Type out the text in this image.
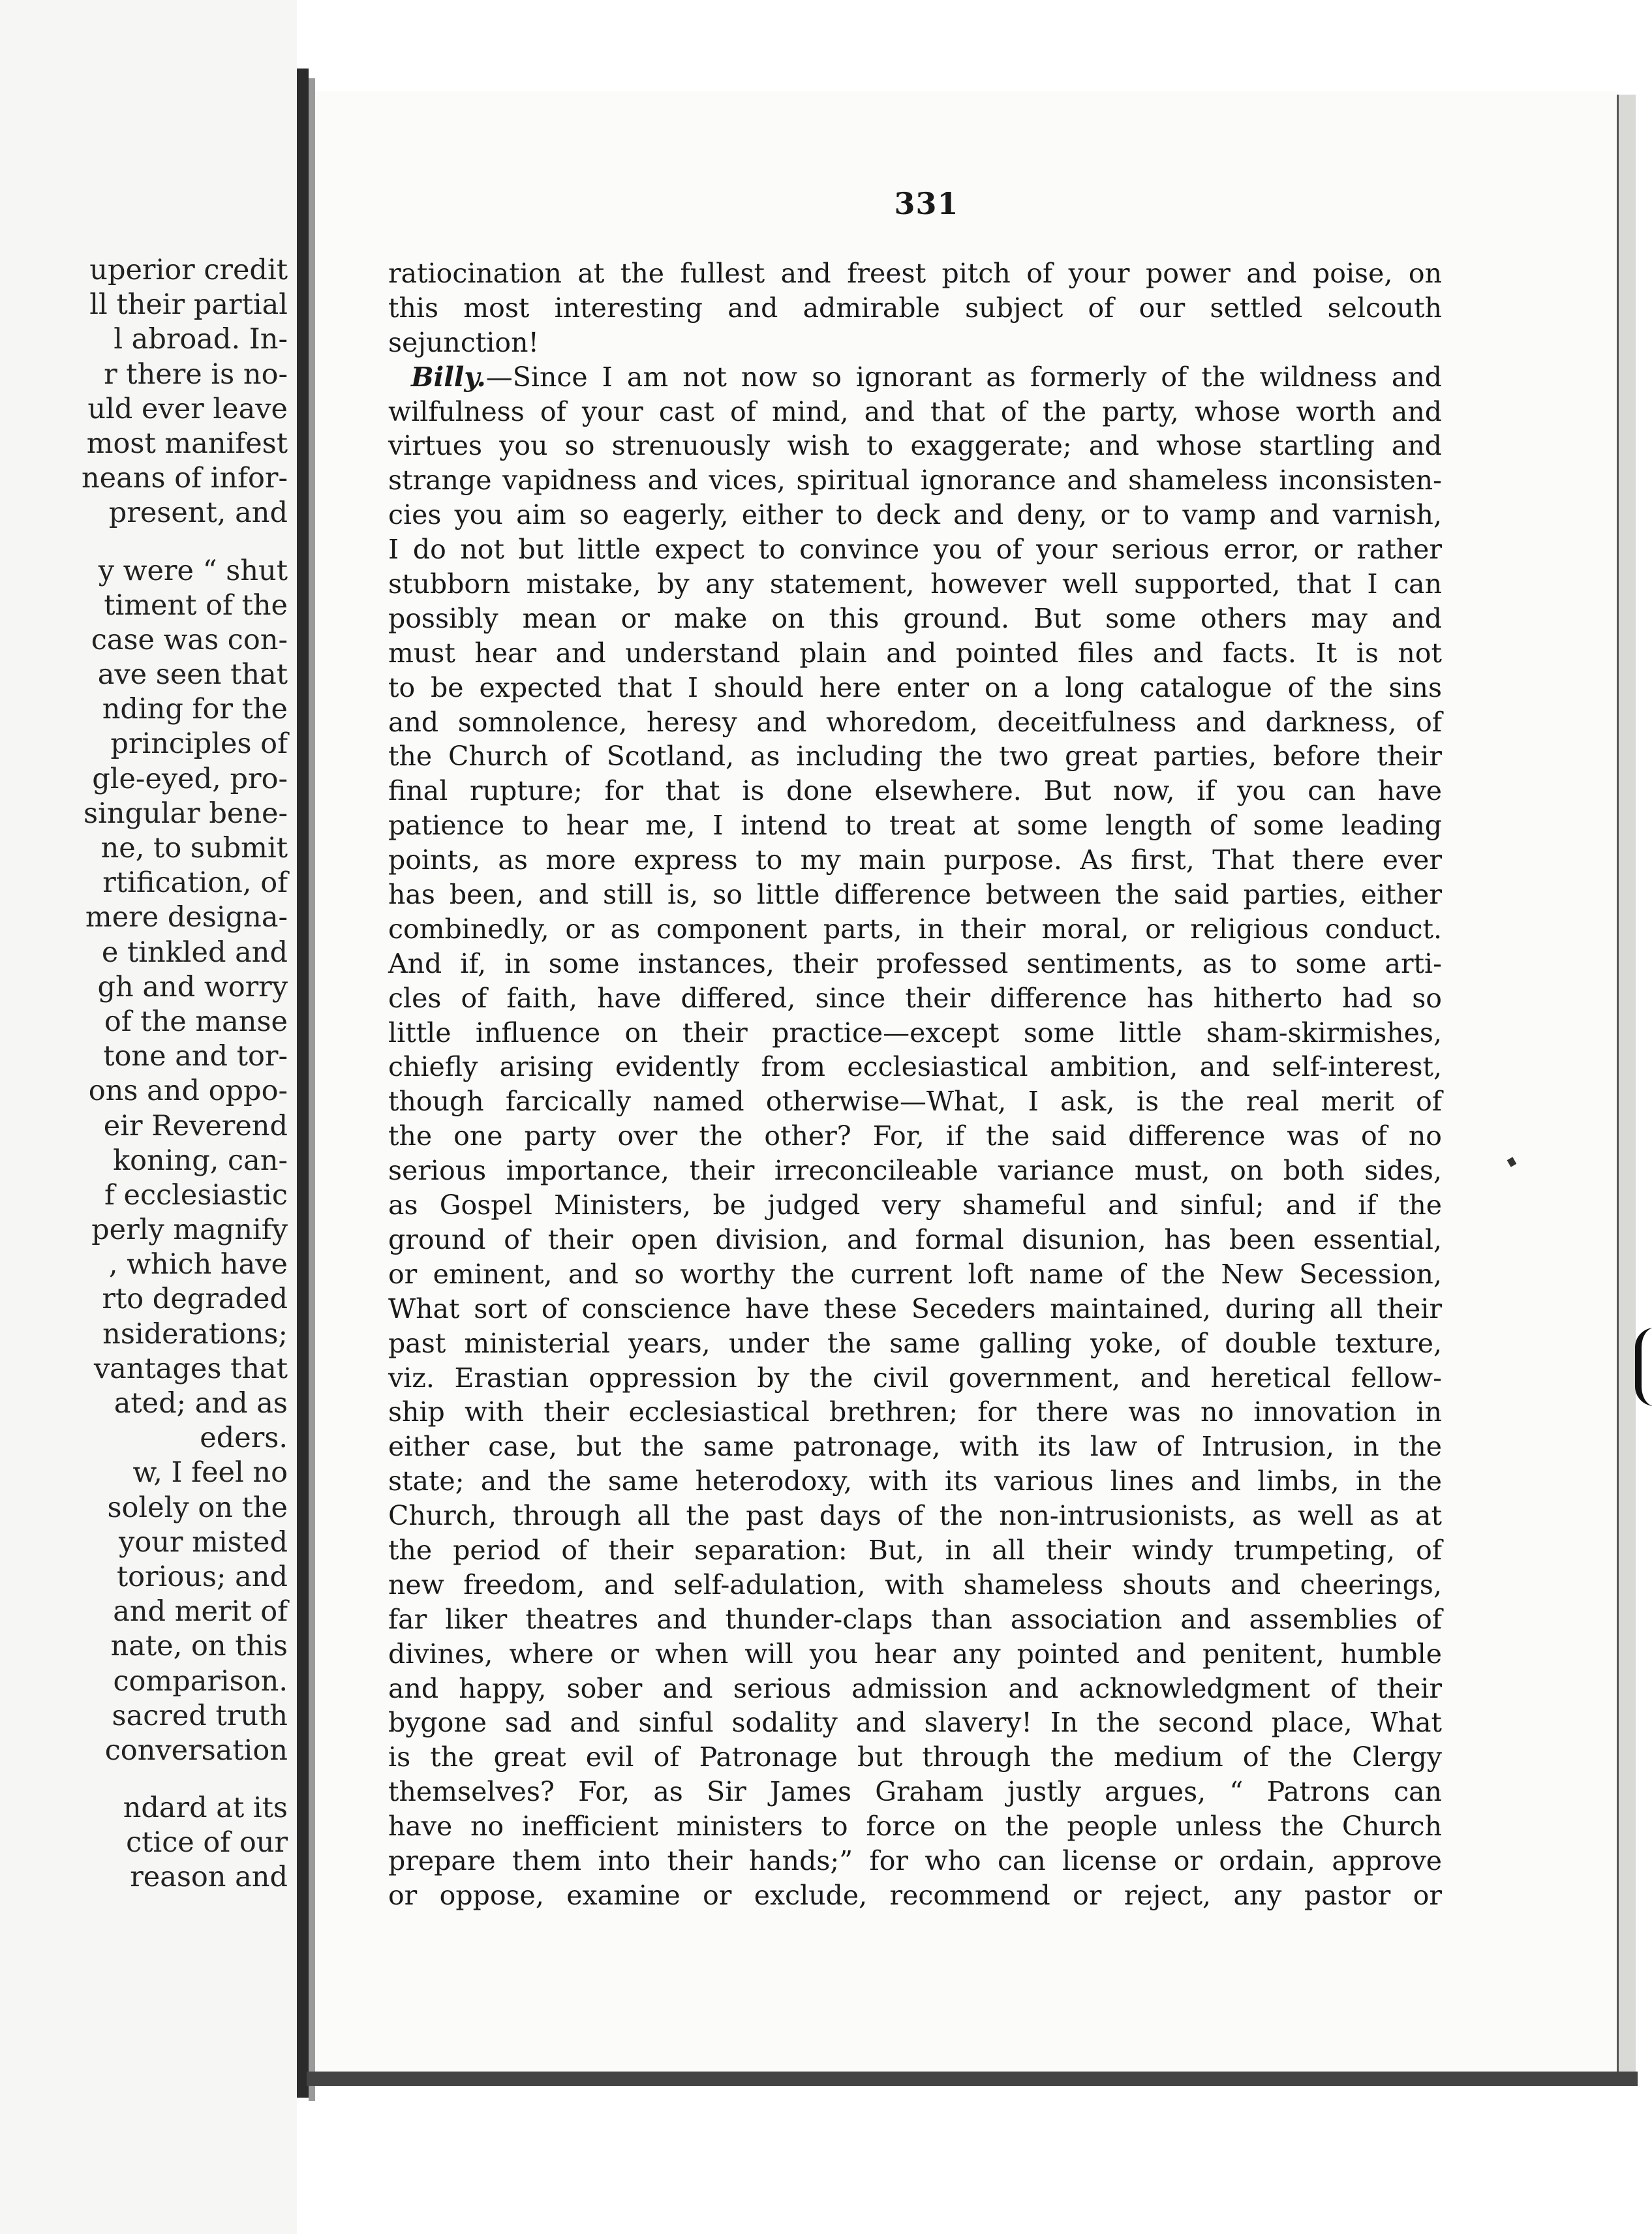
uperior credit
ll their partial
l abroad. In-
r there is no-
uld ever leave
most manifest
neans of infor-
present, and
y were “ shut
timent of the
case was con-
ave seen that
nding for the
principles of
gle-eyed, pro-
singular bene-
ne, to submit
rtification, of
mere designa-
e tinkled and
gh and worry
of the manse
tone and tor-
ons and oppo-
eir Reverend
koning, can-
f ecclesiastic
perly magnify
, which have
rto degraded
nsiderations;
vantages that
ated; and as
eders.
w, I feel no
solely on the
your misted
torious; and
and merit of
nate, on this
comparison.
sacred truth
conversation
ndard at its
ctice of our
reason and
331
ratiocination at the fullest and freest pitch of your power and poise, on
this most interesting and admirable subject of our settled selcouth
sejunction!
Billy.—Since I am not now so ignorant as formerly of the wildness and
wilfulness of your cast of mind, and that of the party, whose worth and
virtues you so strenuously wish to exaggerate; and whose startling and
strange vapidness and vices, spiritual ignorance and shameless inconsisten-
cies you aim so eagerly, either to deck and deny, or to vamp and varnish,
I do not but little expect to convince you of your serious error, or rather
stubborn mistake, by any statement, however well supported, that I can
possibly mean or make on this ground. But some others may and
must hear and understand plain and pointed files and facts. It is not
to be expected that I should here enter on a long catalogue of the sins
and somnolence, heresy and whoredom, deceitfulness and darkness, of
the Church of Scotland, as including the two great parties, before their
final rupture; for that is done elsewhere. But now, if you can have
patience to hear me, I intend to treat at some length of some leading
points, as more express to my main purpose. As first, That there ever
has been, and still is, so little difference between the said parties, either
combinedly, or as component parts, in their moral, or religious conduct.
And if, in some instances, their professed sentiments, as to some arti-
cles of faith, have differed, since their difference has hitherto had so
little influence on their practice—except some little sham-skirmishes,
chiefly arising evidently from ecclesiastical ambition, and self-interest,
though farcically named otherwise—What, I ask, is the real merit of
the one party over the other? For, if the said difference was of no
serious importance, their irreconcileable variance must, on both sides,
as Gospel Ministers, be judged very shameful and sinful; and if the
ground of their open division, and formal disunion, has been essential,
or eminent, and so worthy the current loft name of the New Secession,
What sort of conscience have these Seceders maintained, during all their
past ministerial years, under the same galling yoke, of double texture,
viz. Erastian oppression by the civil government, and heretical fellow-
ship with their ecclesiastical brethren; for there was no innovation in
either case, but the same patronage, with its law of Intrusion, in the
state; and the same heterodoxy, with its various lines and limbs, in the
Church, through all the past days of the non-intrusionists, as well as at
the period of their separation: But, in all their windy trumpeting, of
new freedom, and self-adulation, with shameless shouts and cheerings,
far liker theatres and thunder-claps than association and assemblies of
divines, where or when will you hear any pointed and penitent, humble
and happy, sober and serious admission and acknowledgment of their
bygone sad and sinful sodality and slavery! In the second place, What
is the great evil of Patronage but through the medium of the Clergy
themselves? For, as Sir James Graham justly argues, “ Patrons can
have no inefficient ministers to force on the people unless the Church
prepare them into their hands;” for who can license or ordain, approve
or oppose, examine or exclude, recommend or reject, any pastor or
